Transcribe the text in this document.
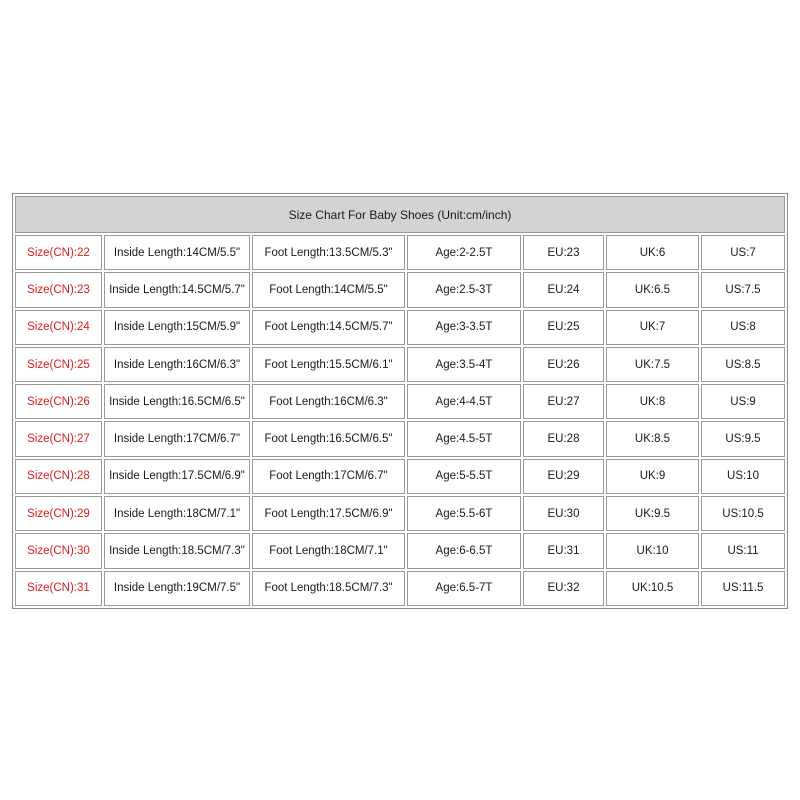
Size Chart For Baby Shoes (Unit:cm/inch)						
Size(CN):22	Inside Length:14CM/5.5"	Foot Length:13.5CM/5.3"	Age:2-2.5T	EU:23	UK:6	US:7
Size(CN):23	Inside Length:14.5CM/5.7"	Foot Length:14CM/5.5"	Age:2.5-3T	EU:24	UK:6.5	US:7.5
Size(CN):24	Inside Length:15CM/5.9"	Foot Length:14.5CM/5.7"	Age:3-3.5T	EU:25	UK:7	US:8
Size(CN):25	Inside Length:16CM/6.3"	Foot Length:15.5CM/6.1"	Age:3.5-4T	EU:26	UK:7.5	US:8.5
Size(CN):26	Inside Length:16.5CM/6.5"	Foot Length:16CM/6.3"	Age:4-4.5T	EU:27	UK:8	US:9
Size(CN):27	Inside Length:17CM/6.7"	Foot Length:16.5CM/6.5"	Age:4.5-5T	EU:28	UK:8.5	US:9.5
Size(CN):28	Inside Length:17.5CM/6.9"	Foot Length:17CM/6.7"	Age:5-5.5T	EU:29	UK:9	US:10
Size(CN):29	Inside Length:18CM/7.1"	Foot Length:17.5CM/6.9"	Age:5.5-6T	EU:30	UK:9.5	US:10.5
Size(CN):30	Inside Length:18.5CM/7.3"	Foot Length:18CM/7.1"	Age:6-6.5T	EU:31	UK:10	US:11
Size(CN):31	Inside Length:19CM/7.5"	Foot Length:18.5CM/7.3"	Age:6.5-7T	EU:32	UK:10.5	US:11.5
